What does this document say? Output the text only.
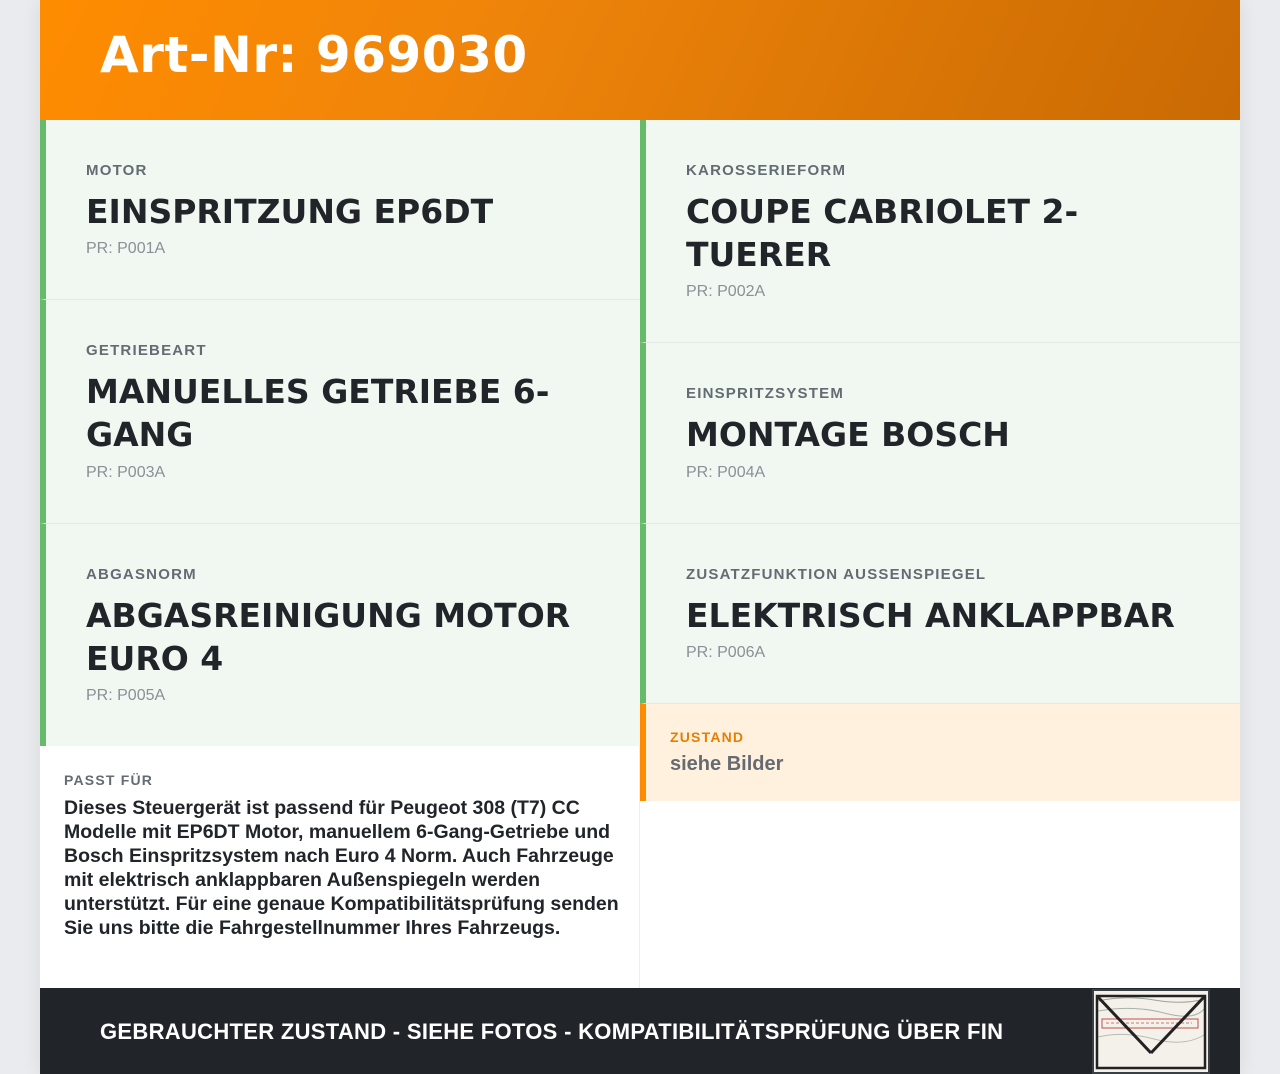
Art-Nr: 969030
MOTOR
EINSPRITZUNG EP6DT
PR: P001A
GETRIEBEART
MANUELLES GETRIEBE 6-GANG
PR: P003A
ABGASNORM
ABGASREINIGUNG MOTOR EURO 4
PR: P005A
KAROSSERIEFORM
COUPE CABRIOLET 2-TUERER
PR: P002A
EINSPRITZSYSTEM
MONTAGE BOSCH
PR: P004A
ZUSATZFUNKTION AUSSENSPIEGEL
ELEKTRISCH ANKLAPPBAR
PR: P006A
ZUSTAND
siehe Bilder
PASST FÜR
Dieses Steuergerät ist passend für Peugeot 308 (T7) CC Modelle mit EP6DT Motor, manuellem 6-Gang-Getriebe und Bosch Einspritzsystem nach Euro 4 Norm. Auch Fahrzeuge mit elektrisch anklappbaren Außenspiegeln werden unterstützt. Für eine genaue Kompatibilitätsprüfung senden Sie uns bitte die Fahrgestellnummer Ihres Fahrzeugs.
GEBRAUCHTER ZUSTAND - SIEHE FOTOS - KOMPATIBILITÄTSPRÜFUNG ÜBER FIN
